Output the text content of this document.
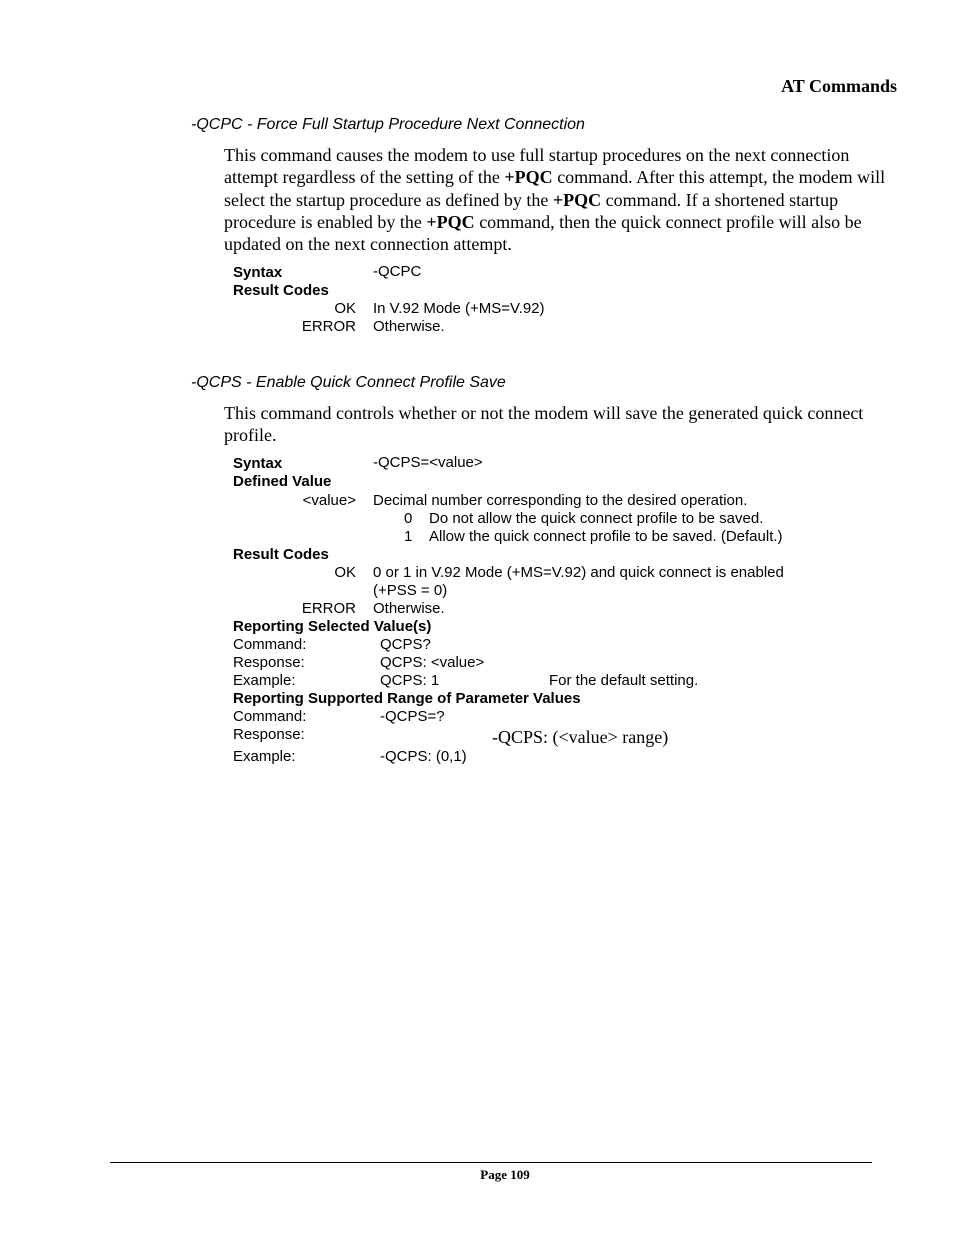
AT Commands
-QCPC - Force Full Startup Procedure Next Connection
This command causes the modem to use full startup procedures on the next connection attempt regardless of the setting of the +PQC command. After this attempt, the modem will select the startup procedure as defined by the +PQC command. If a shortened startup procedure is enabled by the +PQC command, then the quick connect profile will also be updated on the next connection attempt.
Syntax	-QCPC
Result Codes
OK In V.92 Mode (+MS=V.92)
ERROR Otherwise.
-QCPS - Enable Quick Connect Profile Save
This command controls whether or not the modem will save the generated quick connect profile.
Syntax	-QCPS=<value>
Defined Value
<value> Decimal number corresponding to the desired operation.
0 Do not allow the quick connect profile to be saved.
1 Allow the quick connect profile to be saved. (Default.)
Result Codes
OK 0 or 1 in V.92 Mode (+MS=V.92) and quick connect is enabled
(+PSS = 0)
ERROR Otherwise.
Reporting Selected Value(s)
Command:	QCPS?
Response:	QCPS: <value>
Example:	QCPS: 1	For the default setting.
Reporting Supported Range of Parameter Values
Command:	-QCPS=?
Response:	-QCPS: (<value> range)
Example:	-QCPS: (0,1)
Page 109
